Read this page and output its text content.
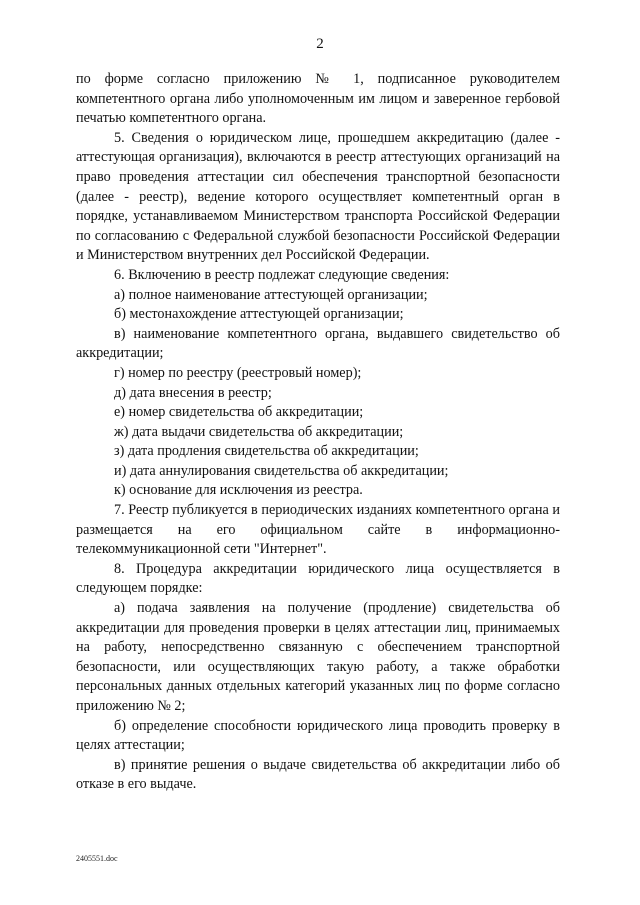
2

по форме согласно приложению № 1, подписанное руководителем компетентного органа либо уполномоченным им лицом и заверенное гербовой печатью компетентного органа.

5. Сведения о юридическом лице, прошедшем аккредитацию (далее - аттестующая организация), включаются в реестр аттестующих организаций на право проведения аттестации сил обеспечения транспортной безопасности (далее - реестр), ведение которого осуществляет компетентный орган в порядке, устанавливаемом Министерством транспорта Российской Федерации по согласованию с Федеральной службой безопасности Российской Федерации и Министерством внутренних дел Российской Федерации.

6. Включению в реестр подлежат следующие сведения:

а) полное наименование аттестующей организации;

б) местонахождение аттестующей организации;

в) наименование компетентного органа, выдавшего свидетельство об аккредитации;

г) номер по реестру (реестровый номер);

д) дата внесения в реестр;

е) номер свидетельства об аккредитации;

ж) дата выдачи свидетельства об аккредитации;

з) дата продления свидетельства об аккредитации;

и) дата аннулирования свидетельства об аккредитации;

к) основание для исключения из реестра.

7. Реестр публикуется в периодических изданиях компетентного органа и размещается на его официальном сайте в информационно-телекоммуникационной сети "Интернет".

8. Процедура аккредитации юридического лица осуществляется в следующем порядке:

а) подача заявления на получение (продление) свидетельства об аккредитации для проведения проверки в целях аттестации лиц, принимаемых на работу, непосредственно связанную с обеспечением транспортной безопасности, или осуществляющих такую работу, а также обработки персональных данных отдельных категорий указанных лиц по форме согласно приложению № 2;

б) определение способности юридического лица проводить проверку в целях аттестации;

в) принятие решения о выдаче свидетельства об аккредитации либо об отказе в его выдаче.

2405551.doc
